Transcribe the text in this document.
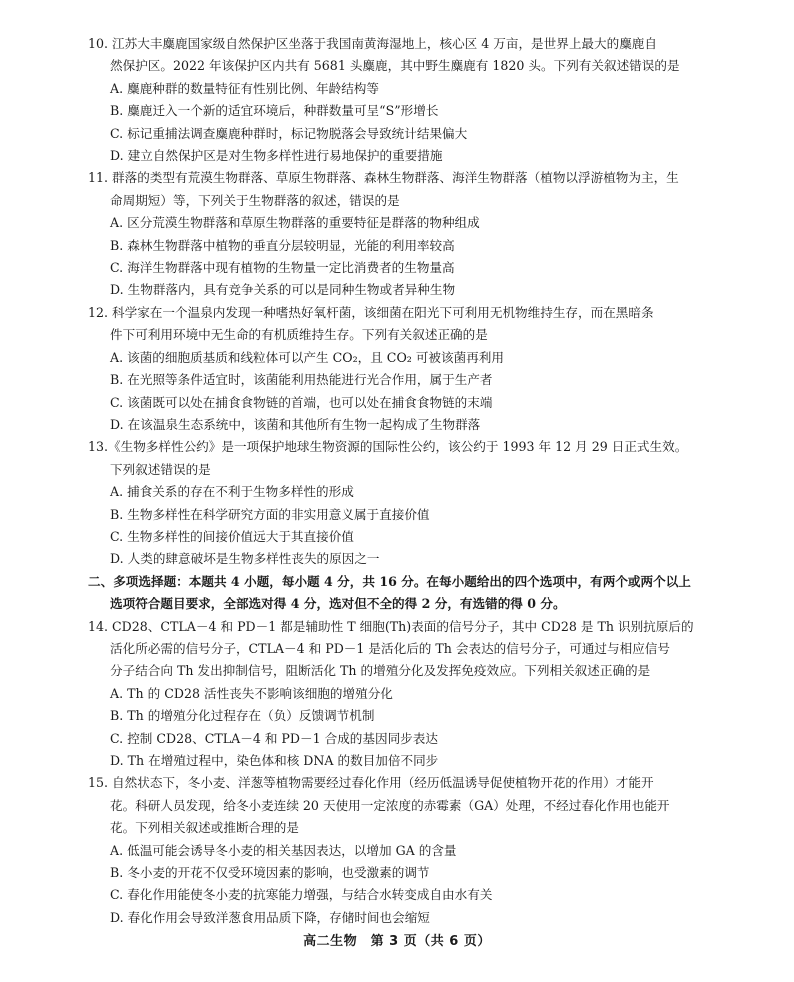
10. 江苏大丰麋鹿国家级自然保护区坐落于我国南黄海湿地上，核心区 4 万亩，是世界上最大的麋鹿自
然保护区。2022 年该保护区内共有 5681 头麋鹿，其中野生麋鹿有 1820 头。下列有关叙述错误的是
A. 麋鹿种群的数量特征有性别比例、年龄结构等
B. 麋鹿迁入一个新的适宜环境后，种群数量可呈“S”形增长
C. 标记重捕法调查麋鹿种群时，标记物脱落会导致统计结果偏大
D. 建立自然保护区是对生物多样性进行易地保护的重要措施
11. 群落的类型有荒漠生物群落、草原生物群落、森林生物群落、海洋生物群落（植物以浮游植物为主，生
命周期短）等，下列关于生物群落的叙述，错误的是
A. 区分荒漠生物群落和草原生物群落的重要特征是群落的物种组成
B. 森林生物群落中植物的垂直分层较明显，光能的利用率较高
C. 海洋生物群落中现有植物的生物量一定比消费者的生物量高
D. 生物群落内，具有竞争关系的可以是同种生物或者异种生物
12. 科学家在一个温泉内发现一种嗜热好氧杆菌，该细菌在阳光下可利用无机物维持生存，而在黑暗条
件下可利用环境中无生命的有机质维持生存。下列有关叙述正确的是
A. 该菌的细胞质基质和线粒体可以产生 CO₂，且 CO₂ 可被该菌再利用
B. 在光照等条件适宜时，该菌能利用热能进行光合作用，属于生产者
C. 该菌既可以处在捕食食物链的首端，也可以处在捕食食物链的末端
D. 在该温泉生态系统中，该菌和其他所有生物一起构成了生物群落
13.《生物多样性公约》是一项保护地球生物资源的国际性公约，该公约于 1993 年 12 月 29 日正式生效。
下列叙述错误的是
A. 捕食关系的存在不利于生物多样性的形成
B. 生物多样性在科学研究方面的非实用意义属于直接价值
C. 生物多样性的间接价值远大于其直接价值
D. 人类的肆意破坏是生物多样性丧失的原因之一
二、多项选择题：本题共 4 小题，每小题 4 分，共 16 分。在每小题给出的四个选项中，有两个或两个以上
选项符合题目要求，全部选对得 4 分，选对但不全的得 2 分，有选错的得 0 分。
14. CD28、CTLA－4 和 PD－1 都是辅助性 T 细胞(Th)表面的信号分子，其中 CD28 是 Th 识别抗原后的
活化所必需的信号分子，CTLA－4 和 PD－1 是活化后的 Th 会表达的信号分子，可通过与相应信号
分子结合向 Th 发出抑制信号，阻断活化 Th 的增殖分化及发挥免疫效应。下列相关叙述正确的是
A. Th 的 CD28 活性丧失不影响该细胞的增殖分化
B. Th 的增殖分化过程存在（负）反馈调节机制
C. 控制 CD28、CTLA－4 和 PD－1 合成的基因同步表达
D. Th 在增殖过程中，染色体和核 DNA 的数目加倍不同步
15. 自然状态下，冬小麦、洋葱等植物需要经过春化作用（经历低温诱导促使植物开花的作用）才能开
花。科研人员发现，给冬小麦连续 20 天使用一定浓度的赤霉素（GA）处理，不经过春化作用也能开
花。下列相关叙述或推断合理的是
A. 低温可能会诱导冬小麦的相关基因表达，以增加 GA 的含量
B. 冬小麦的开花不仅受环境因素的影响，也受激素的调节
C. 春化作用能使冬小麦的抗寒能力增强，与结合水转变成自由水有关
D. 春化作用会导致洋葱食用品质下降，存储时间也会缩短
高二生物　第 3 页（共 6 页）
